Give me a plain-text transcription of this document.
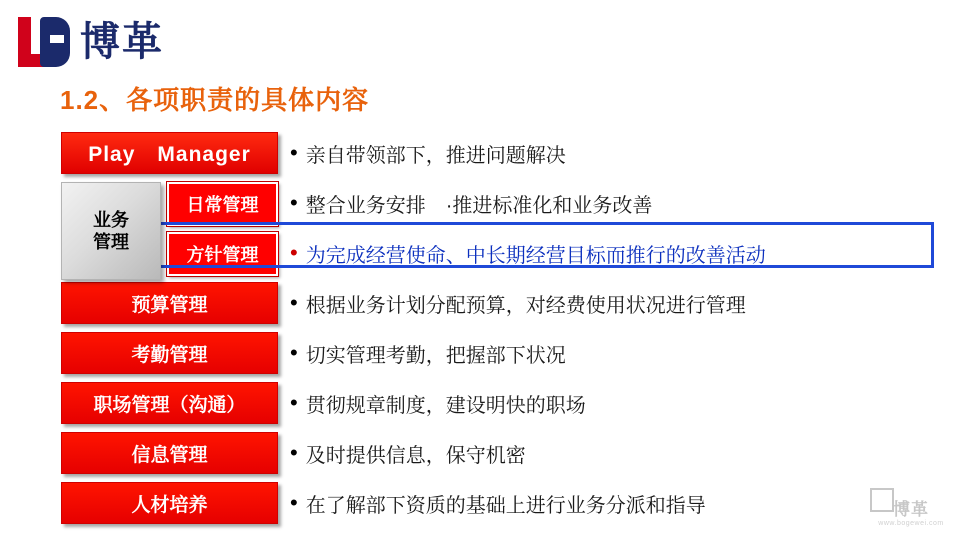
博革
1.2、各项职责的具体内容
Play　Manager	• 亲自带领部下，推进问题解决
业务
管理
日常管理	• 整合业务安排　·推进标准化和业务改善
方针管理	• 为完成经营使命、中长期经营目标而推行的改善活动
预算管理	• 根据业务计划分配预算，对经费使用状况进行管理
考勤管理	• 切实管理考勤，把握部下状况
职场管理（沟通）	• 贯彻规章制度，建设明快的职场
信息管理	• 及时提供信息，保守机密
人材培养	• 在了解部下资质的基础上进行业务分派和指导	博革
www.bogewei.com
